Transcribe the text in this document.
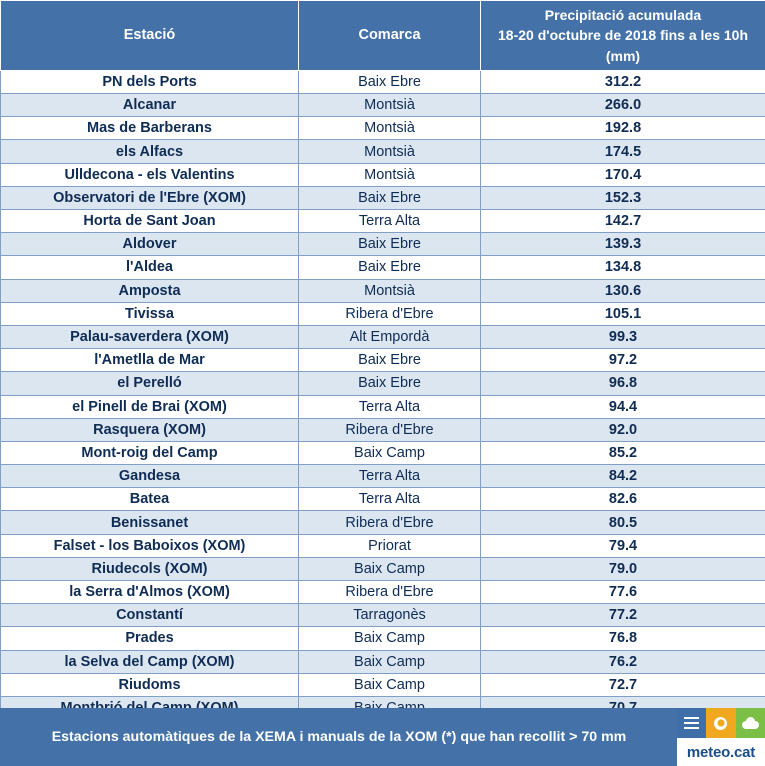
Estació	Comarca	Precipitació acumulada
18-20 d'octubre de 2018 fins a les 10h
(mm)

PN dels Ports	Baix Ebre	312.2
Alcanar	Montsià	266.0
Mas de Barberans	Montsià	192.8
els Alfacs	Montsià	174.5
Ulldecona - els Valentins	Montsià	170.4
Observatori de l'Ebre (XOM)	Baix Ebre	152.3
Horta de Sant Joan	Terra Alta	142.7
Aldover	Baix Ebre	139.3
l'Aldea	Baix Ebre	134.8
Amposta	Montsià	130.6
Tivissa	Ribera d'Ebre	105.1
Palau-saverdera (XOM)	Alt Empordà	99.3
l'Ametlla de Mar	Baix Ebre	97.2
el Perelló	Baix Ebre	96.8
el Pinell de Brai (XOM)	Terra Alta	94.4
Rasquera (XOM)	Ribera d'Ebre	92.0
Mont-roig del Camp	Baix Camp	85.2
Gandesa	Terra Alta	84.2
Batea	Terra Alta	82.6
Benissanet	Ribera d'Ebre	80.5
Falset - los Baboixos (XOM)	Priorat	79.4
Riudecols (XOM)	Baix Camp	79.0
la Serra d'Almos (XOM)	Ribera d'Ebre	77.6
Constantí	Tarragonès	77.2
Prades	Baix Camp	76.8
la Selva del Camp (XOM)	Baix Camp	76.2
Riudoms	Baix Camp	72.7

Estacions automàtiques de la XEMA i manuals de la XOM (*) que han recollit > 70 mm
meteo.cat
